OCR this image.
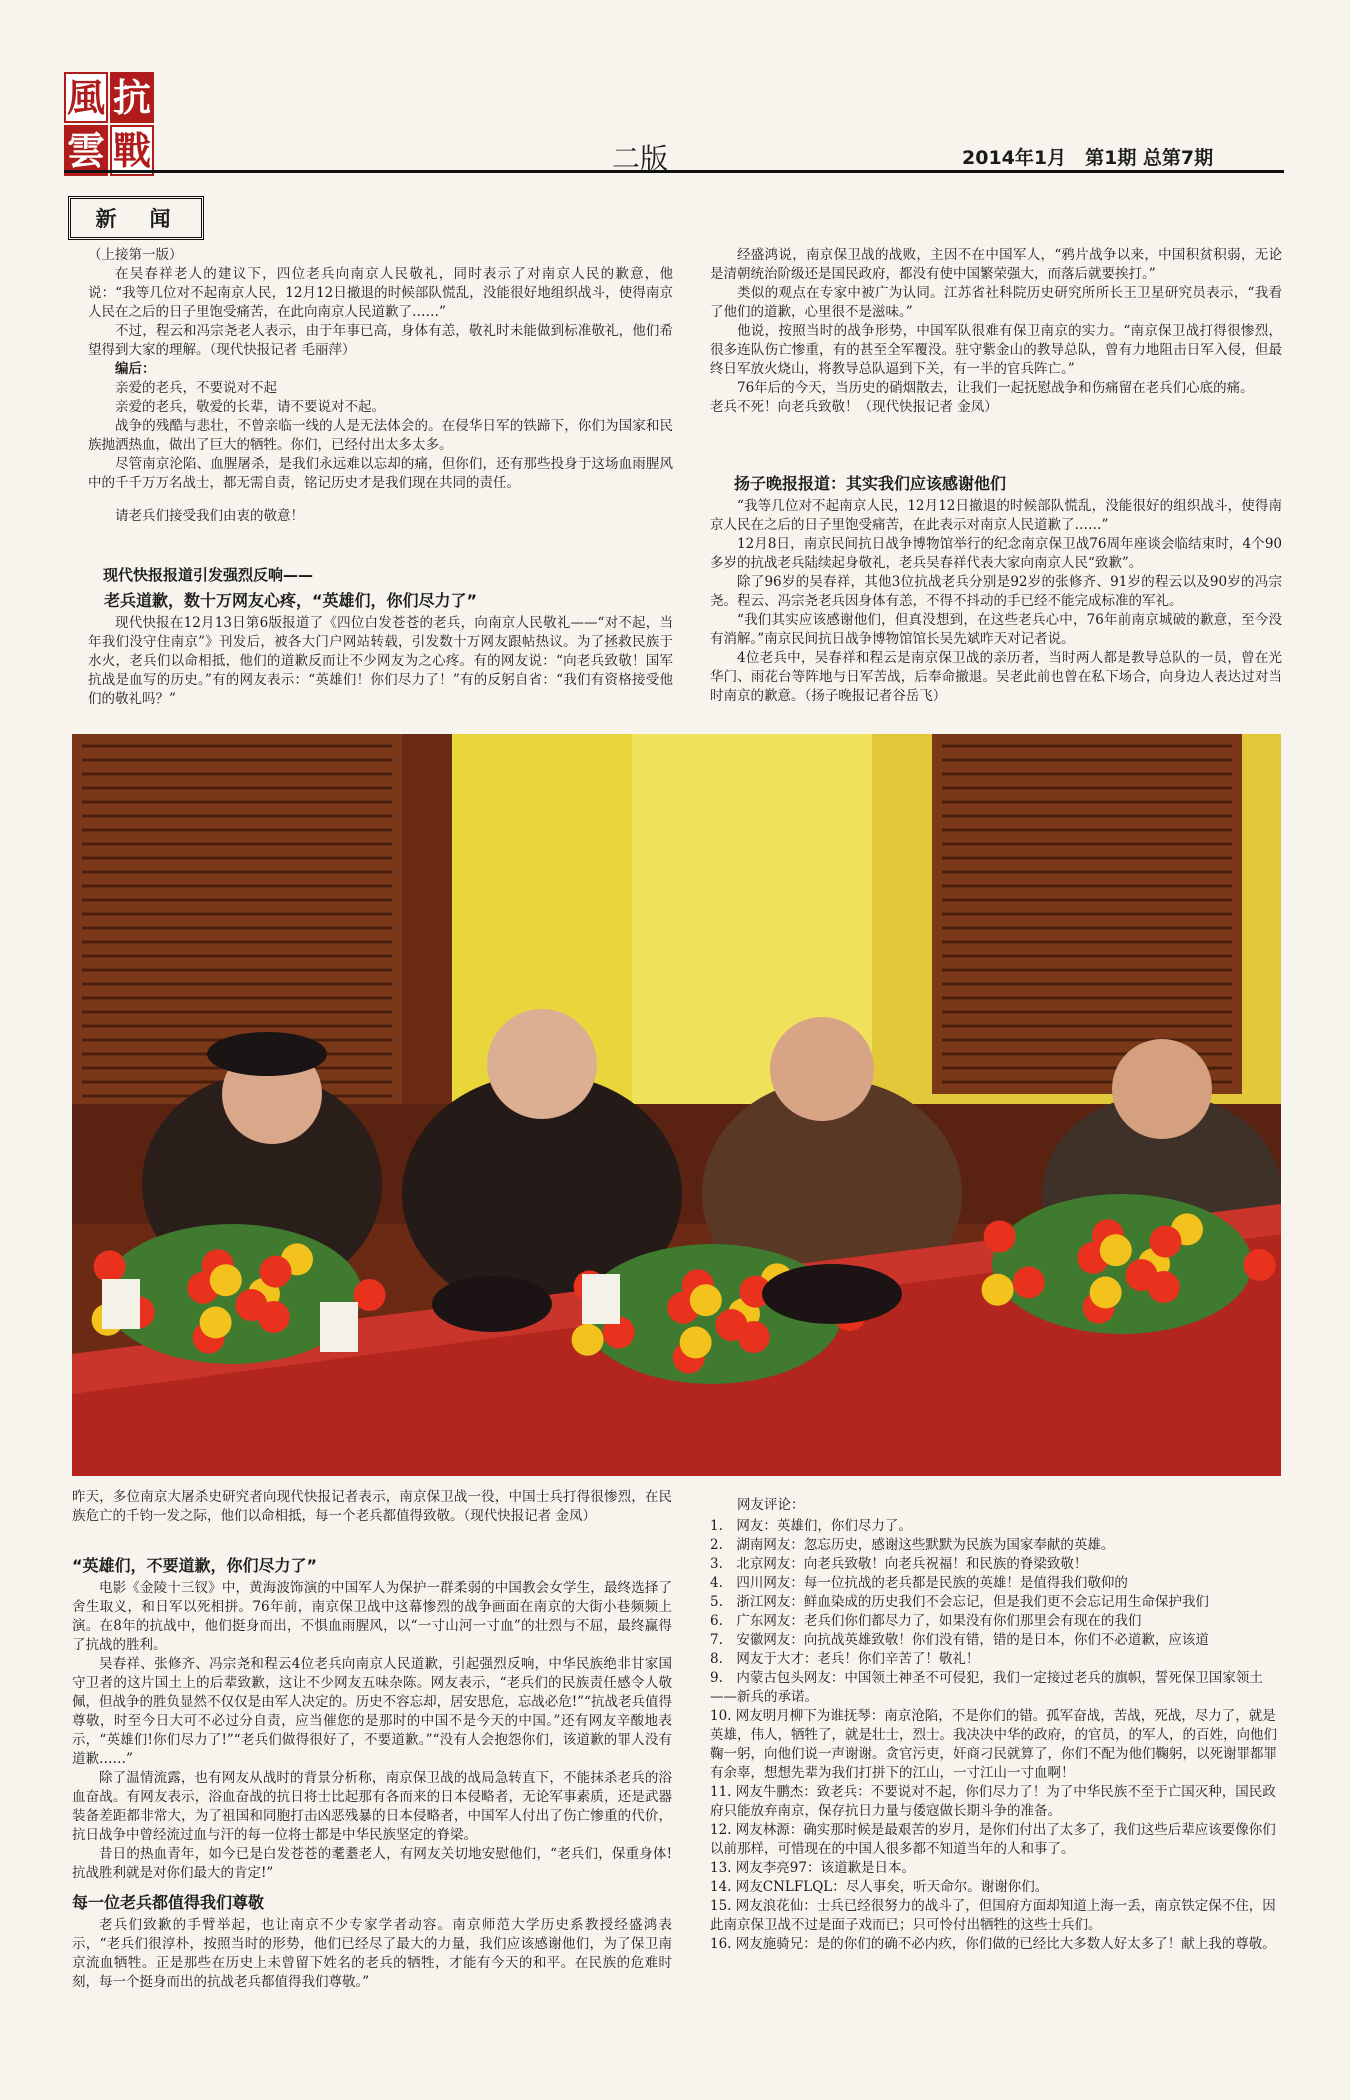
風 抗
雲 戰	二版	2014年1月　第1期 总第7期
新　闻

（上接第一版）

在吴春祥老人的建议下，四位老兵向南京人民敬礼，同时表示了对南京人民的歉意，他说：“我等几位对不起南京人民，12月12日撤退的时候部队慌乱，没能很好地组织战斗，使得南京人民在之后的日子里饱受痛苦，在此向南京人民道歉了……”

不过，程云和冯宗尧老人表示，由于年事已高，身体有恙，敬礼时未能做到标准敬礼，他们希望得到大家的理解。（现代快报记者 毛丽萍）

编后：

亲爱的老兵，不要说对不起

亲爱的老兵，敬爱的长辈，请不要说对不起。

战争的残酷与悲壮，不曾亲临一线的人是无法体会的。在侵华日军的铁蹄下，你们为国家和民族抛洒热血，做出了巨大的牺牲。你们，已经付出太多太多。

尽管南京沦陷、血腥屠杀，是我们永远难以忘却的痛，但你们，还有那些投身于这场血雨腥风中的千千万万名战士，都无需自责，铭记历史才是我们现在共同的责任。

请老兵们接受我们由衷的敬意！

现代快报报道引发强烈反响——
老兵道歉，数十万网友心疼，“英雄们，你们尽力了”

现代快报在12月13日第6版报道了《四位白发苍苍的老兵，向南京人民敬礼——“对不起，当年我们没守住南京”》刊发后，被各大门户网站转载，引发数十万网友跟帖热议。为了拯救民族于水火，老兵们以命相抵，他们的道歉反而让不少网友为之心疼。有的网友说：“向老兵致敬！国军抗战是血写的历史。”有的网友表示：“英雄们！你们尽力了！”有的反躬自省：“我们有资格接受他们的敬礼吗？”

经盛鸿说，南京保卫战的战败，主因不在中国军人，“鸦片战争以来，中国积贫积弱，无论是清朝统治阶级还是国民政府，都没有使中国繁荣强大，而落后就要挨打。”

类似的观点在专家中被广为认同。江苏省社科院历史研究所所长王卫星研究员表示，“我看了他们的道歉，心里很不是滋味。”

他说，按照当时的战争形势，中国军队很难有保卫南京的实力。“南京保卫战打得很惨烈，很多连队伤亡惨重，有的甚至全军覆没。驻守紫金山的教导总队，曾有力地阻击日军入侵，但最终日军放火烧山，将教导总队逼到下关，有一半的官兵阵亡。”

76年后的今天，当历史的硝烟散去，让我们一起抚慰战争和伤痛留在老兵们心底的痛。

老兵不死！向老兵致敬！（现代快报记者 金凤）

扬子晚报报道：其实我们应该感谢他们

“我等几位对不起南京人民，12月12日撤退的时候部队慌乱，没能很好的组织战斗，使得南京人民在之后的日子里饱受痛苦，在此表示对南京人民道歉了……”

12月8日，南京民间抗日战争博物馆举行的纪念南京保卫战76周年座谈会临结束时，4个90多岁的抗战老兵陆续起身敬礼，老兵吴春祥代表大家向南京人民“致歉”。

除了96岁的吴春祥，其他3位抗战老兵分别是92岁的张修齐、91岁的程云以及90岁的冯宗尧。程云、冯宗尧老兵因身体有恙，不得不抖动的手已经不能完成标准的军礼。

“我们其实应该感谢他们，但真没想到，在这些老兵心中，76年前南京城破的歉意，至今没有消解。”南京民间抗日战争博物馆馆长吴先斌昨天对记者说。

4位老兵中，吴春祥和程云是南京保卫战的亲历者，当时两人都是教导总队的一员，曾在光华门、雨花台等阵地与日军苦战，后奉命撤退。吴老此前也曾在私下场合，向身边人表达过对当时南京的歉意。（扬子晚报记者谷岳飞）

昨天，多位南京大屠杀史研究者向现代快报记者表示，南京保卫战一役，中国士兵打得很惨烈，在民族危亡的千钧一发之际，他们以命相抵，每一个老兵都值得致敬。（现代快报记者 金凤）

“英雄们，不要道歉，你们尽力了”

电影《金陵十三钗》中，黄海波饰演的中国军人为保护一群柔弱的中国教会女学生，最终选择了舍生取义，和日军以死相拼。76年前，南京保卫战中这幕惨烈的战争画面在南京的大街小巷频频上演。在8年的抗战中，他们挺身而出，不惧血雨腥风，以“一寸山河一寸血”的壮烈与不屈，最终赢得了抗战的胜利。

吴春祥、张修齐、冯宗尧和程云4位老兵向南京人民道歉，引起强烈反响，中华民族绝非甘家国守卫者的这片国土上的后辈致歉，这让不少网友五味杂陈。网友表示，“老兵们的民族责任感令人敬佩，但战争的胜负显然不仅仅是由军人决定的。历史不容忘却，居安思危，忘战必危!”“抗战老兵值得尊敬，时至今日大可不必过分自责，应当催您的是那时的中国不是今天的中国。”还有网友辛酸地表示，“英雄们!你们尽力了!”“老兵们做得很好了，不要道歉。”“没有人会抱怨你们，该道歉的罪人没有道歉……”

除了温情流露，也有网友从战时的背景分析称，南京保卫战的战局急转直下，不能抹杀老兵的浴血奋战。有网友表示，浴血奋战的抗日将士比起那有各而来的日本侵略者，无论军事素质，还是武器装备差距都非常大，为了祖国和同胞打击凶恶残暴的日本侵略者，中国军人付出了伤亡惨重的代价，抗日战争中曾经流过血与汗的每一位将士都是中华民族坚定的脊梁。

昔日的热血青年，如今已是白发苍苍的耄耋老人，有网友关切地安慰他们，“老兵们，保重身体!抗战胜利就是对你们最大的肯定!”

每一位老兵都值得我们尊敬

老兵们致歉的手臂举起，也让南京不少专家学者动容。南京师范大学历史系教授经盛鸿表示，“老兵们很淳朴，按照当时的形势，他们已经尽了最大的力量，我们应该感谢他们，为了保卫南京流血牺牲。正是那些在历史上未曾留下姓名的老兵的牺牲，才能有今天的和平。在民族的危难时刻，每一个挺身而出的抗战老兵都值得我们尊敬。”

网友评论：
1.　网友：英雄们，你们尽力了。
2.　湖南网友：忽忘历史，感谢这些默默为民族为国家奉献的英雄。
3.　北京网友：向老兵致敬！向老兵祝福！和民族的脊梁致敬！
4.　四川网友：每一位抗战的老兵都是民族的英雄！是值得我们敬仰的
5.　浙江网友：鲜血染成的历史我们不会忘记，但是我们更不会忘记用生命保护我们
6.　广东网友：老兵们你们都尽力了，如果没有你们那里会有现在的我们
7.　安徽网友：向抗战英雄致敬！你们没有错，错的是日本，你们不必道歉，应该道
8.　网友于大才：老兵！你们辛苦了！敬礼！
9.　内蒙古包头网友：中国领土神圣不可侵犯，我们一定接过老兵的旗帜，誓死保卫国家领土——新兵的承诺。
10. 网友明月柳下为谁抚琴：南京沧陷，不是你们的错。孤军奋战，苦战，死战，尽力了，就是英雄，伟人，牺牲了，就是壮士，烈士。我决决中华的政府，的官员，的军人，的百姓，向他们鞠一躬，向他们说一声谢谢。贪官污吏，奸商刁民就算了，你们不配为他们鞠躬，以死谢罪都罪有余辜，想想先辈为我们打拼下的江山，一寸江山一寸血啊！
11. 网友牛鹏杰：致老兵：不要说对不起，你们尽力了！为了中华民族不至于亡国灭种，国民政府只能放弃南京，保存抗日力量与倭寇做长期斗争的准备。
12. 网友林源：确实那时候是最艰苦的岁月，是你们付出了太多了，我们这些后辈应该要像你们以前那样，可惜现在的中国人很多都不知道当年的人和事了。
13. 网友李亮97：该道歉是日本。
14. 网友CNLFLQL：尽人事矣，听天命尔。谢谢你们。
15. 网友浪花仙：士兵已经很努力的战斗了，但国府方面却知道上海一丢，南京铁定保不住，因此南京保卫战不过是面子戏而已；只可怜付出牺牲的这些士兵们。
16. 网友施骑兄：是的你们的确不必内疚，你们做的已经比大多数人好太多了！献上我的尊敬。
